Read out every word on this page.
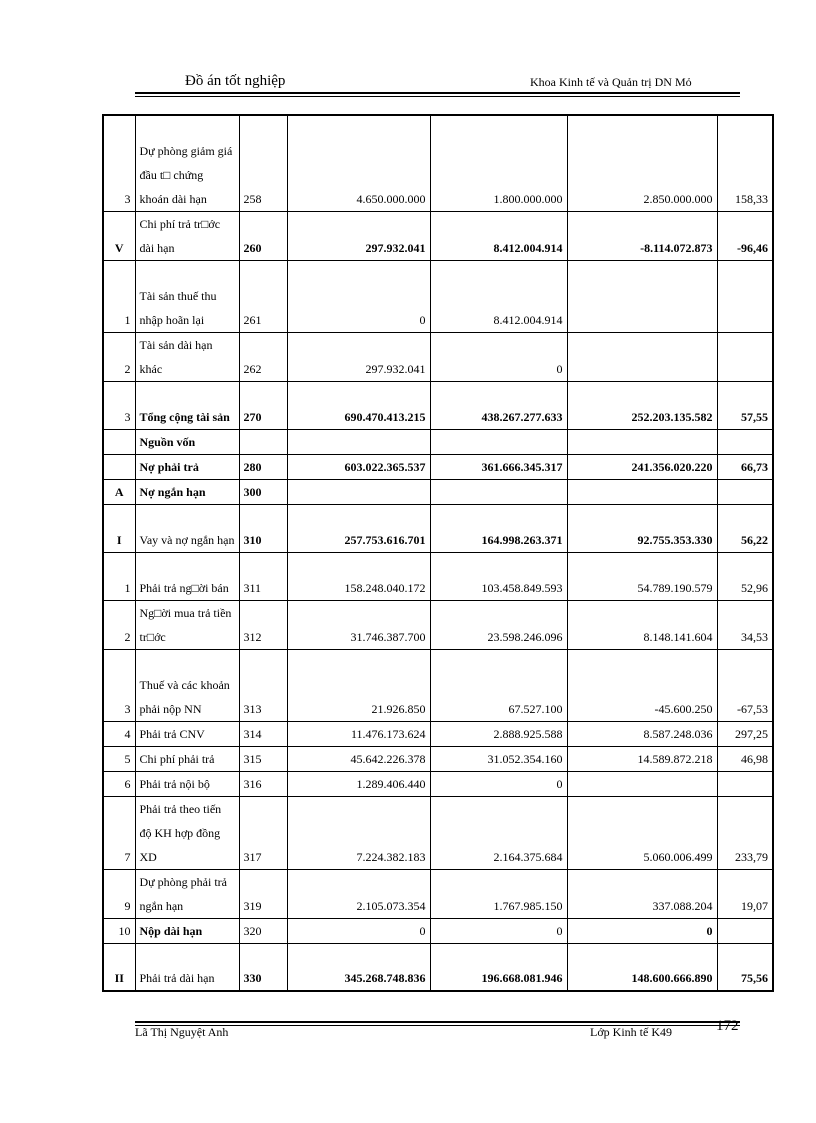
Đồ án tốt nghiệp	Khoa Kinh tế và Quản trị DN Mỏ
3	Dự phòng giảm giá đầu t□ chứng khoán dài hạn	258	4.650.000.000	1.800.000.000	2.850.000.000	158,33
V	Chi phí trả tr□ớc dài hạn	260	297.932.041	8.412.004.914	-8.114.072.873	-96,46
1	Tài sản thuế thu nhập hoãn lại	261	0	8.412.004.914		
2	Tài sản dài hạn khác	262	297.932.041	0		
3	Tổng cộng tài sản	270	690.470.413.215	438.267.277.633	252.203.135.582	57,55
	Nguồn vốn					
	Nợ phải trả	280	603.022.365.537	361.666.345.317	241.356.020.220	66,73
A	Nợ ngắn hạn	300				
I	Vay và nợ ngắn hạn	310	257.753.616.701	164.998.263.371	92.755.353.330	56,22
1	Phải trả ng□ời bán	311	158.248.040.172	103.458.849.593	54.789.190.579	52,96
2	Ng□ời mua trả tiền tr□ớc	312	31.746.387.700	23.598.246.096	8.148.141.604	34,53
3	Thuế và các khoản phải nộp NN	313	21.926.850	67.527.100	-45.600.250	-67,53
4	Phải trả CNV	314	11.476.173.624	2.888.925.588	8.587.248.036	297,25
5	Chi phí phải trả	315	45.642.226.378	31.052.354.160	14.589.872.218	46,98
6	Phải trả nội bộ	316	1.289.406.440	0		
7	Phải trả theo tiến độ KH hợp đồng XD	317	7.224.382.183	2.164.375.684	5.060.006.499	233,79
9	Dự phòng phải trả ngắn hạn	319	2.105.073.354	1.767.985.150	337.088.204	19,07
10	Nộp dài hạn	320	0	0	0	
II	Phải trả dài hạn	330	345.268.748.836	196.668.081.946	148.600.666.890	75,56
Lã Thị Nguyệt Anh	Lớp Kinh tế K49	172
